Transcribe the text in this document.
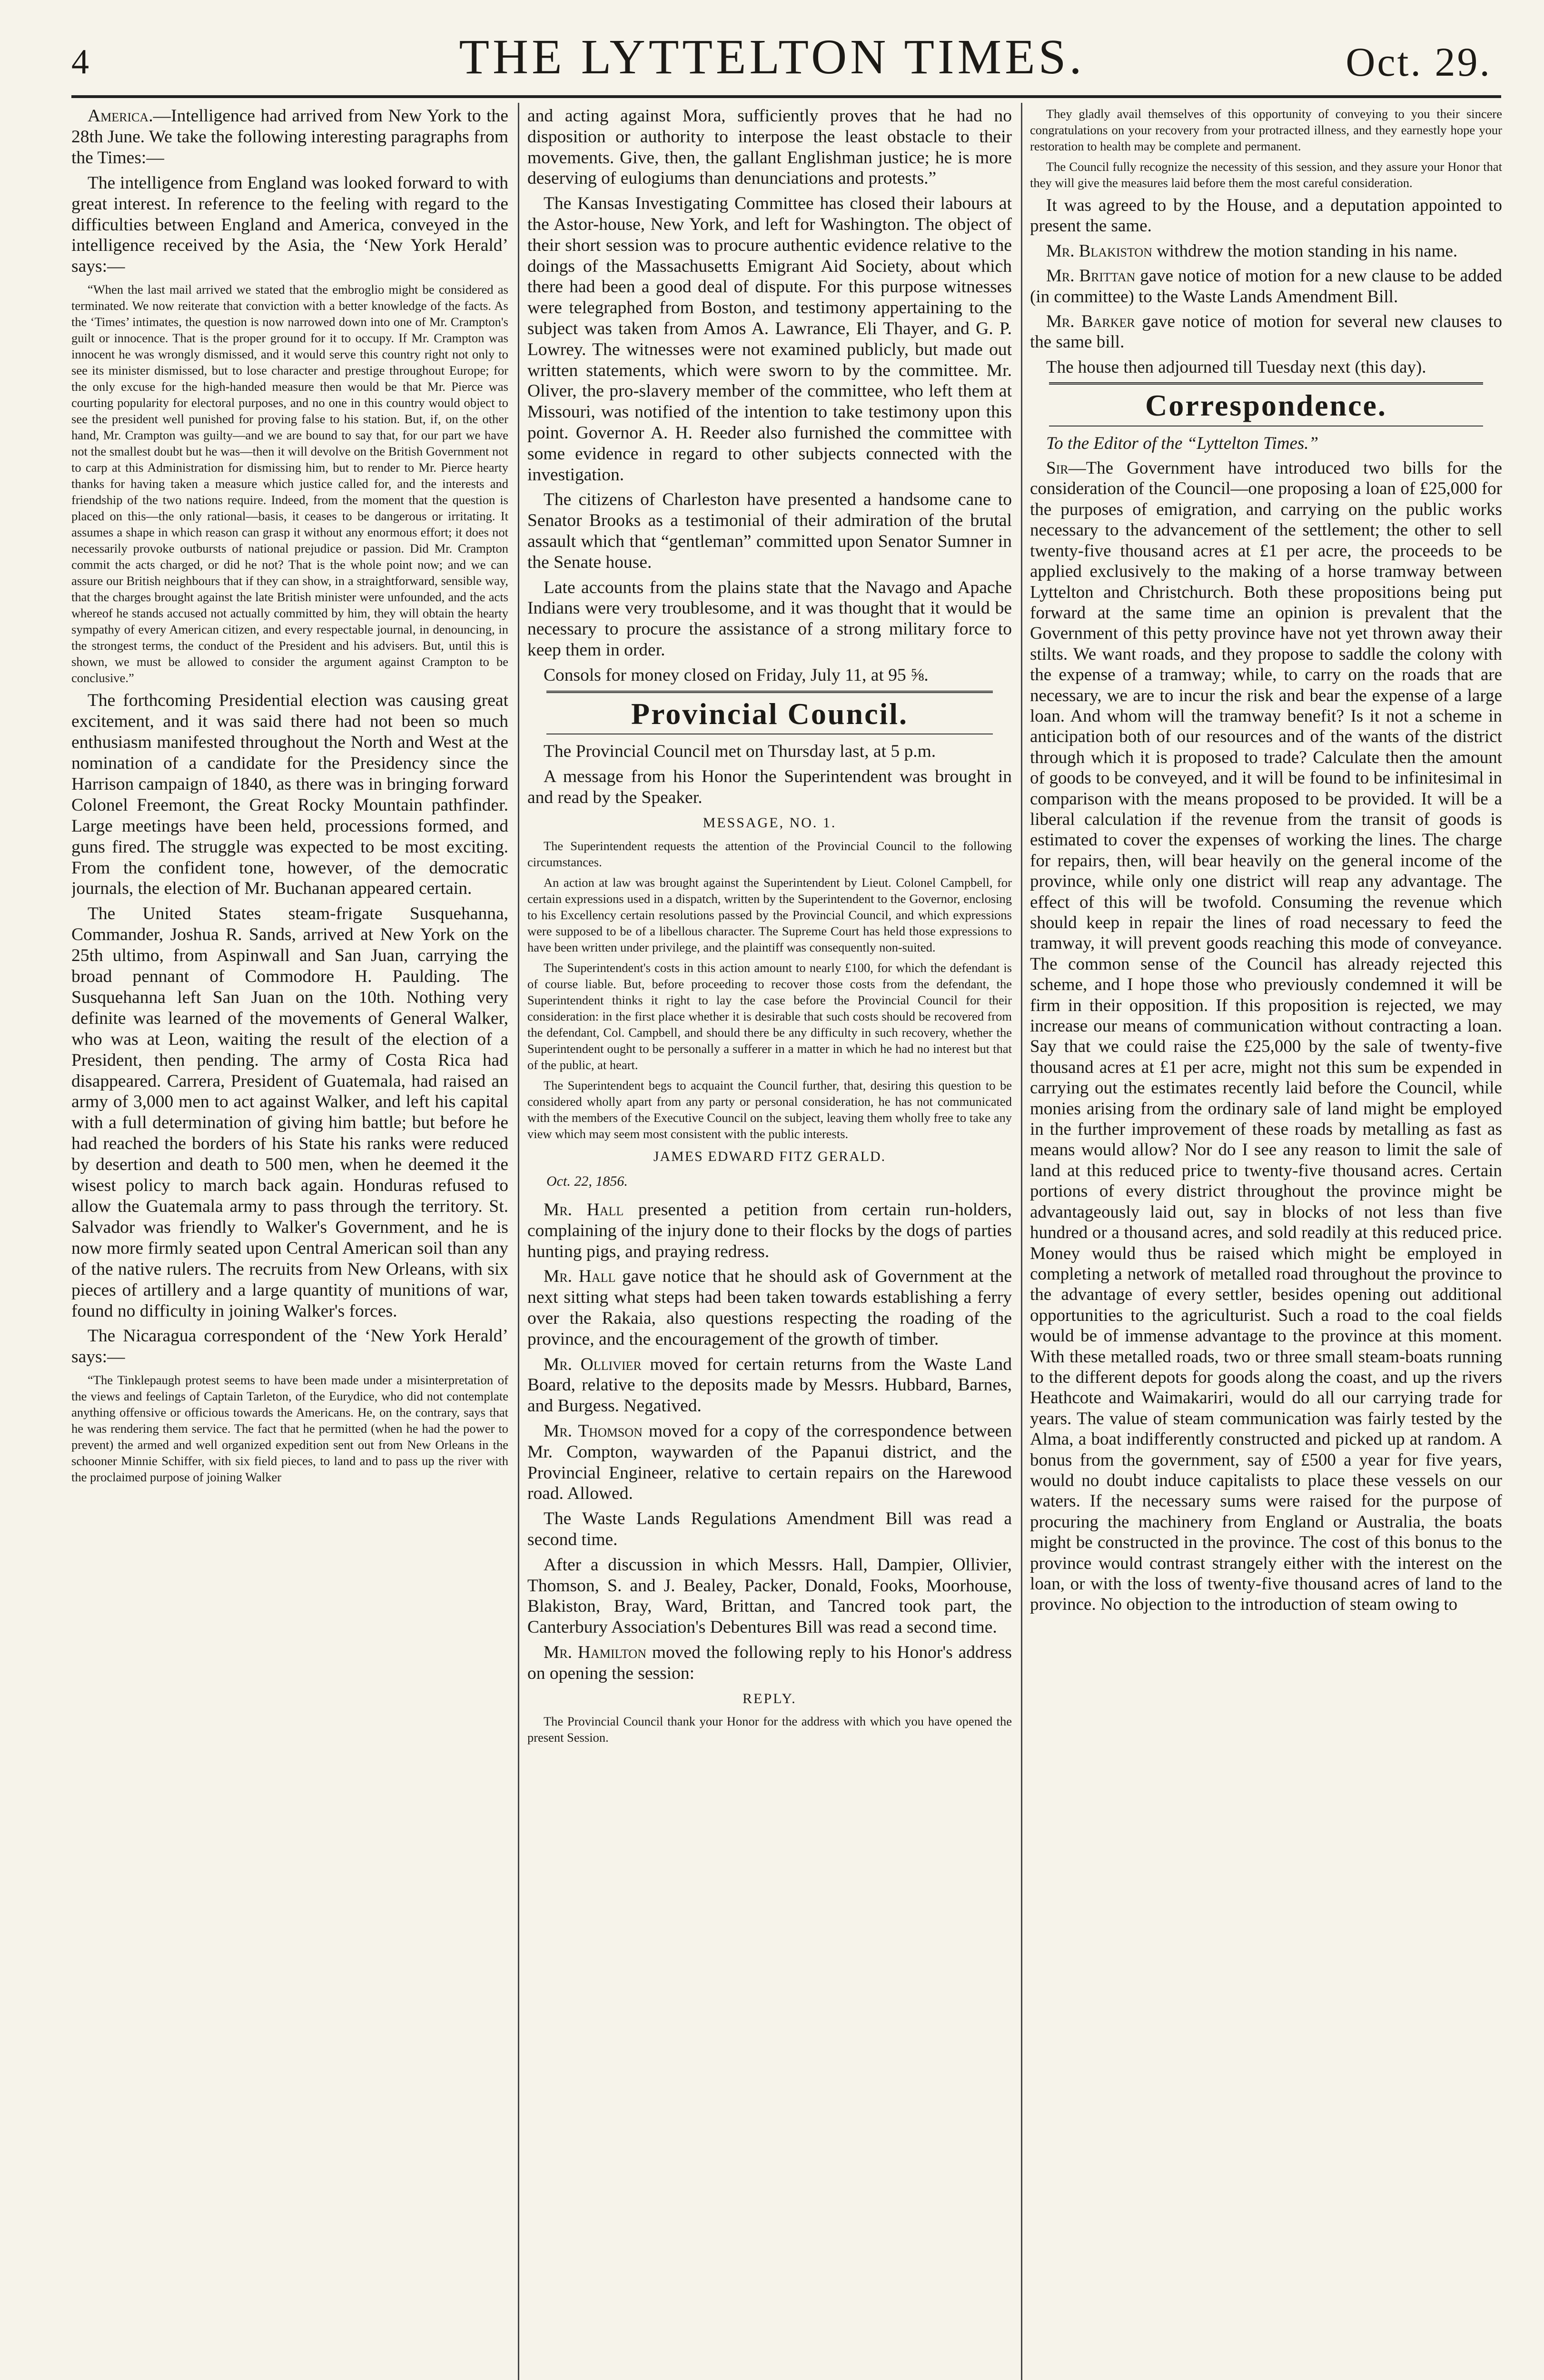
4	THE LYTTELTON TIMES.	Oct. 29.

America.—Intelligence had arrived from New York to the 28th June. We take the following interesting paragraphs from the Times:—

The intelligence from England was looked forward to with great interest. In reference to the feeling with regard to the difficulties between England and America, conveyed in the intelligence received by the Asia, the ‘New York Herald’ says:—

“When the last mail arrived we stated that the embroglio might be considered as terminated. We now reiterate that conviction with a better knowledge of the facts. As the ‘Times’ intimates, the question is now narrowed down into one of Mr. Crampton's guilt or innocence. That is the proper ground for it to occupy. If Mr. Crampton was innocent he was wrongly dismissed, and it would serve this country right not only to see its minister dismissed, but to lose character and prestige throughout Europe; for the only excuse for the high-handed measure then would be that Mr. Pierce was courting popularity for electoral purposes, and no one in this country would object to see the president well punished for proving false to his station. But, if, on the other hand, Mr. Crampton was guilty—and we are bound to say that, for our part we have not the smallest doubt but he was—then it will devolve on the British Government not to carp at this Administration for dismissing him, but to render to Mr. Pierce hearty thanks for having taken a measure which justice called for, and the interests and friendship of the two nations require. Indeed, from the moment that the question is placed on this—the only rational—basis, it ceases to be dangerous or irritating. It assumes a shape in which reason can grasp it without any enormous effort; it does not necessarily provoke outbursts of national prejudice or passion. Did Mr. Crampton commit the acts charged, or did he not? That is the whole point now; and we can assure our British neighbours that if they can show, in a straightforward, sensible way, that the charges brought against the late British minister were unfounded, and the acts whereof he stands accused not actually committed by him, they will obtain the hearty sympathy of every American citizen, and every respectable journal, in denouncing, in the strongest terms, the conduct of the President and his advisers. But, until this is shown, we must be allowed to consider the argument against Crampton to be conclusive.”

The forthcoming Presidential election was causing great excitement, and it was said there had not been so much enthusiasm manifested throughout the North and West at the nomination of a candidate for the Presidency since the Harrison campaign of 1840, as there was in bringing forward Colonel Freemont, the Great Rocky Mountain pathfinder. Large meetings have been held, processions formed, and guns fired. The struggle was expected to be most exciting. From the confident tone, however, of the democratic journals, the election of Mr. Buchanan appeared certain.

The United States steam-frigate Susquehanna, Commander, Joshua R. Sands, arrived at New York on the 25th ultimo, from Aspinwall and San Juan, carrying the broad pennant of Commodore H. Paulding. The Susquehanna left San Juan on the 10th. Nothing very definite was learned of the movements of General Walker, who was at Leon, waiting the result of the election of a President, then pending. The army of Costa Rica had disappeared. Carrera, President of Guatemala, had raised an army of 3,000 men to act against Walker, and left his capital with a full determination of giving him battle; but before he had reached the borders of his State his ranks were reduced by desertion and death to 500 men, when he deemed it the wisest policy to march back again. Honduras refused to allow the Guatemala army to pass through the territory. St. Salvador was friendly to Walker's Government, and he is now more firmly seated upon Central American soil than any of the native rulers. The recruits from New Orleans, with six pieces of artillery and a large quantity of munitions of war, found no difficulty in joining Walker's forces.

The Nicaragua correspondent of the ‘New York Herald’ says:—

“The Tinklepaugh protest seems to have been made under a misinterpretation of the views and feelings of Captain Tarleton, of the Eurydice, who did not contemplate anything offensive or officious towards the Americans. He, on the contrary, says that he was rendering them service. The fact that he permitted (when he had the power to prevent) the armed and well organized expedition sent out from New Orleans in the schooner Minnie Schiffer, with six field pieces, to land and to pass up the river with the proclaimed purpose of joining Walker

and acting against Mora, sufficiently proves that he had no disposition or authority to interpose the least obstacle to their movements. Give, then, the gallant Englishman justice; he is more deserving of eulogiums than denunciations and protests.”

The Kansas Investigating Committee has closed their labours at the Astor-house, New York, and left for Washington. The object of their short session was to procure authentic evidence relative to the doings of the Massachusetts Emigrant Aid Society, about which there had been a good deal of dispute. For this purpose witnesses were telegraphed from Boston, and testimony appertaining to the subject was taken from Amos A. Lawrance, Eli Thayer, and G. P. Lowrey. The witnesses were not examined publicly, but made out written statements, which were sworn to by the committee. Mr. Oliver, the pro-slavery member of the committee, who left them at Missouri, was notified of the intention to take testimony upon this point. Governor A. H. Reeder also furnished the committee with some evidence in regard to other subjects connected with the investigation.

The citizens of Charleston have presented a handsome cane to Senator Brooks as a testimonial of their admiration of the brutal assault which that “gentleman” committed upon Senator Sumner in the Senate house.

Late accounts from the plains state that the Navago and Apache Indians were very troublesome, and it was thought that it would be necessary to procure the assistance of a strong military force to keep them in order.

Consols for money closed on Friday, July 11, at 95 ⅝.

Provincial Council.

The Provincial Council met on Thursday last, at 5 p.m.

A message from his Honor the Superintendent was brought in and read by the Speaker.

MESSAGE, NO. 1.

The Superintendent requests the attention of the Provincial Council to the following circumstances.

An action at law was brought against the Superintendent by Lieut. Colonel Campbell, for certain expressions used in a dispatch, written by the Superintendent to the Governor, enclosing to his Excellency certain resolutions passed by the Provincial Council, and which expressions were supposed to be of a libellous character. The Supreme Court has held those expressions to have been written under privilege, and the plaintiff was consequently non-suited.

The Superintendent's costs in this action amount to nearly £100, for which the defendant is of course liable. But, before proceeding to recover those costs from the defendant, the Superintendent thinks it right to lay the case before the Provincial Council for their consideration: in the first place whether it is desirable that such costs should be recovered from the defendant, Col. Campbell, and should there be any difficulty in such recovery, whether the Superintendent ought to be personally a sufferer in a matter in which he had no interest but that of the public, at heart.

The Superintendent begs to acquaint the Council further, that, desiring this question to be considered wholly apart from any party or personal consideration, he has not communicated with the members of the Executive Council on the subject, leaving them wholly free to take any view which may seem most consistent with the public interests.

JAMES EDWARD FITZ GERALD.

Oct. 22, 1856.

Mr. Hall presented a petition from certain run-holders, complaining of the injury done to their flocks by the dogs of parties hunting pigs, and praying redress.

Mr. Hall gave notice that he should ask of Government at the next sitting what steps had been taken towards establishing a ferry over the Rakaia, also questions respecting the roading of the province, and the encouragement of the growth of timber.

Mr. Ollivier moved for certain returns from the Waste Land Board, relative to the deposits made by Messrs. Hubbard, Barnes, and Burgess. Negatived.

Mr. Thomson moved for a copy of the correspondence between Mr. Compton, waywarden of the Papanui district, and the Provincial Engineer, relative to certain repairs on the Harewood road. Allowed.

The Waste Lands Regulations Amendment Bill was read a second time.

After a discussion in which Messrs. Hall, Dampier, Ollivier, Thomson, S. and J. Bealey, Packer, Donald, Fooks, Moorhouse, Blakiston, Bray, Ward, Brittan, and Tancred took part, the Canterbury Association's Debentures Bill was read a second time.

Mr. Hamilton moved the following reply to his Honor's address on opening the session:

REPLY.

The Provincial Council thank your Honor for the address with which you have opened the present Session.

They gladly avail themselves of this opportunity of conveying to you their sincere congratulations on your recovery from your protracted illness, and they earnestly hope your restoration to health may be complete and permanent.

The Council fully recognize the necessity of this session, and they assure your Honor that they will give the measures laid before them the most careful consideration.

It was agreed to by the House, and a deputation appointed to present the same.

Mr. Blakiston withdrew the motion standing in his name.

Mr. Brittan gave notice of motion for a new clause to be added (in committee) to the Waste Lands Amendment Bill.

Mr. Barker gave notice of motion for several new clauses to the same bill.

The house then adjourned till Tuesday next (this day).

Correspondence.

To the Editor of the “Lyttelton Times.”

Sir—The Government have introduced two bills for the consideration of the Council—one proposing a loan of £25,000 for the purposes of emigration, and carrying on the public works necessary to the advancement of the settlement; the other to sell twenty-five thousand acres at £1 per acre, the proceeds to be applied exclusively to the making of a horse tramway between Lyttelton and Christchurch. Both these propositions being put forward at the same time an opinion is prevalent that the Government of this petty province have not yet thrown away their stilts. We want roads, and they propose to saddle the colony with the expense of a tramway; while, to carry on the roads that are necessary, we are to incur the risk and bear the expense of a large loan. And whom will the tramway benefit? Is it not a scheme in anticipation both of our resources and of the wants of the district through which it is proposed to trade? Calculate then the amount of goods to be conveyed, and it will be found to be infinitesimal in comparison with the means proposed to be provided. It will be a liberal calculation if the revenue from the transit of goods is estimated to cover the expenses of working the lines. The charge for repairs, then, will bear heavily on the general income of the province, while only one district will reap any advantage. The effect of this will be twofold. Consuming the revenue which should keep in repair the lines of road necessary to feed the tramway, it will prevent goods reaching this mode of conveyance. The common sense of the Council has already rejected this scheme, and I hope those who previously condemned it will be firm in their opposition. If this proposition is rejected, we may increase our means of communication without contracting a loan. Say that we could raise the £25,000 by the sale of twenty-five thousand acres at £1 per acre, might not this sum be expended in carrying out the estimates recently laid before the Council, while monies arising from the ordinary sale of land might be employed in the further improvement of these roads by metalling as fast as means would allow? Nor do I see any reason to limit the sale of land at this reduced price to twenty-five thousand acres. Certain portions of every district throughout the province might be advantageously laid out, say in blocks of not less than five hundred or a thousand acres, and sold readily at this reduced price. Money would thus be raised which might be employed in completing a network of metalled road throughout the province to the advantage of every settler, besides opening out additional opportunities to the agriculturist. Such a road to the coal fields would be of immense advantage to the province at this moment. With these metalled roads, two or three small steam-boats running to the different depots for goods along the coast, and up the rivers Heathcote and Waimakariri, would do all our carrying trade for years. The value of steam communication was fairly tested by the Alma, a boat indifferently constructed and picked up at random. A bonus from the government, say of £500 a year for five years, would no doubt induce capitalists to place these vessels on our waters. If the necessary sums were raised for the purpose of procuring the machinery from England or Australia, the boats might be constructed in the province. The cost of this bonus to the province would contrast strangely either with the interest on the loan, or with the loss of twenty-five thousand acres of land to the province. No objection to the introduction of steam owing to
